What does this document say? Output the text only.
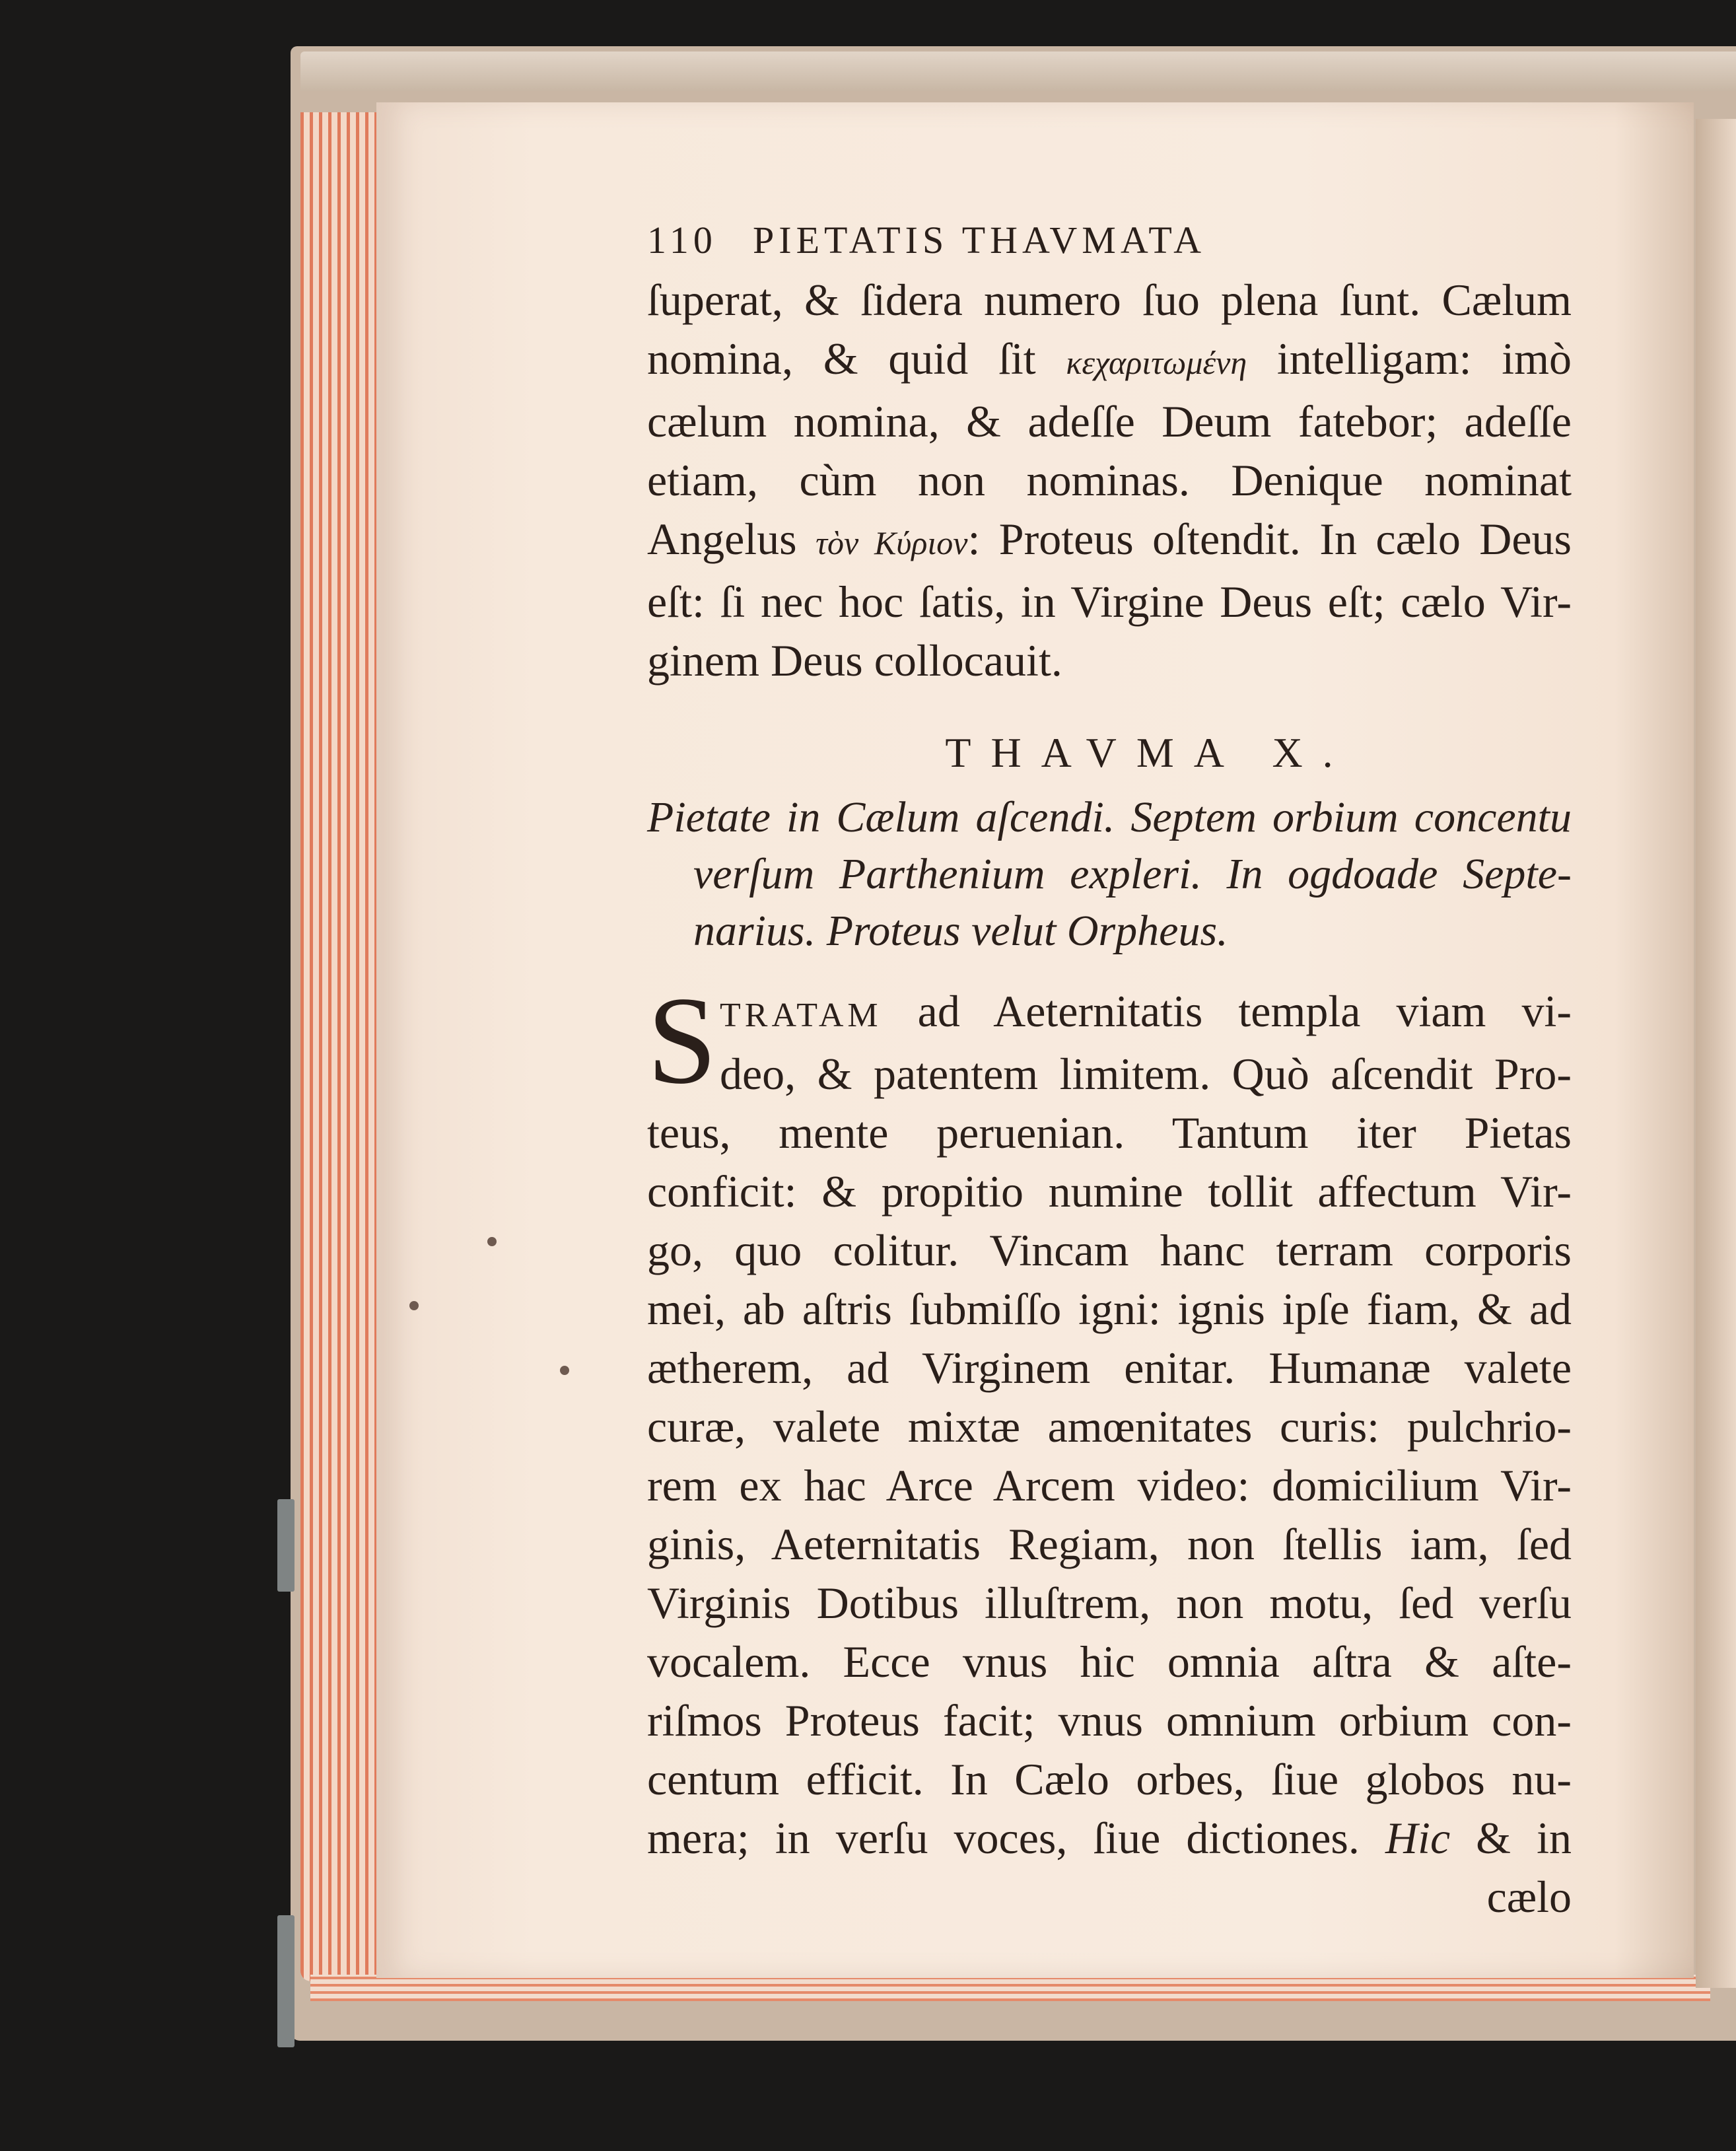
110 PIETATIS THAVMATA
ſuperat, & ſidera numero ſuo plena ſunt. Cælum
nomina, & quid ſit κεχαριτωμένη intelligam: imò
cælum nomina, & adeſſe Deum fatebor; adeſſe
etiam, cùm non nominas. Denique nominat
Angelus τὸν Κύριον: Proteus oſtendit. In cælo Deus
eſt: ſi nec hoc ſatis, in Virgine Deus eſt; cælo Vir-
ginem Deus collocauit.
THAVMA X.
Pietate in Cælum aſcendi. Septem orbium concentu
verſum Parthenium expleri. In ogdoade Septe-
narius. Proteus velut Orpheus.
S TRATAM ad Aeternitatis templa viam vi-
deo, & patentem limitem. Quò aſcendit Pro-
teus, mente peruenian. Tantum iter Pietas
conficit: & propitio numine tollit affectum Vir-
go, quo colitur. Vincam hanc terram corporis
mei, ab aſtris ſubmiſſo igni: ignis ipſe fiam, & ad
ætherem, ad Virginem enitar. Humanæ valete
curæ, valete mixtæ amœnitates curis: pulchrio-
rem ex hac Arce Arcem video: domicilium Vir-
ginis, Aeternitatis Regiam, non ſtellis iam, ſed
Virginis Dotibus illuſtrem, non motu, ſed verſu
vocalem. Ecce vnus hic omnia aſtra & aſte-
riſmos Proteus facit; vnus omnium orbium con-
centum efficit. In Cælo orbes, ſiue globos nu-
mera; in verſu voces, ſiue dictiones. Hic & in
cælo
